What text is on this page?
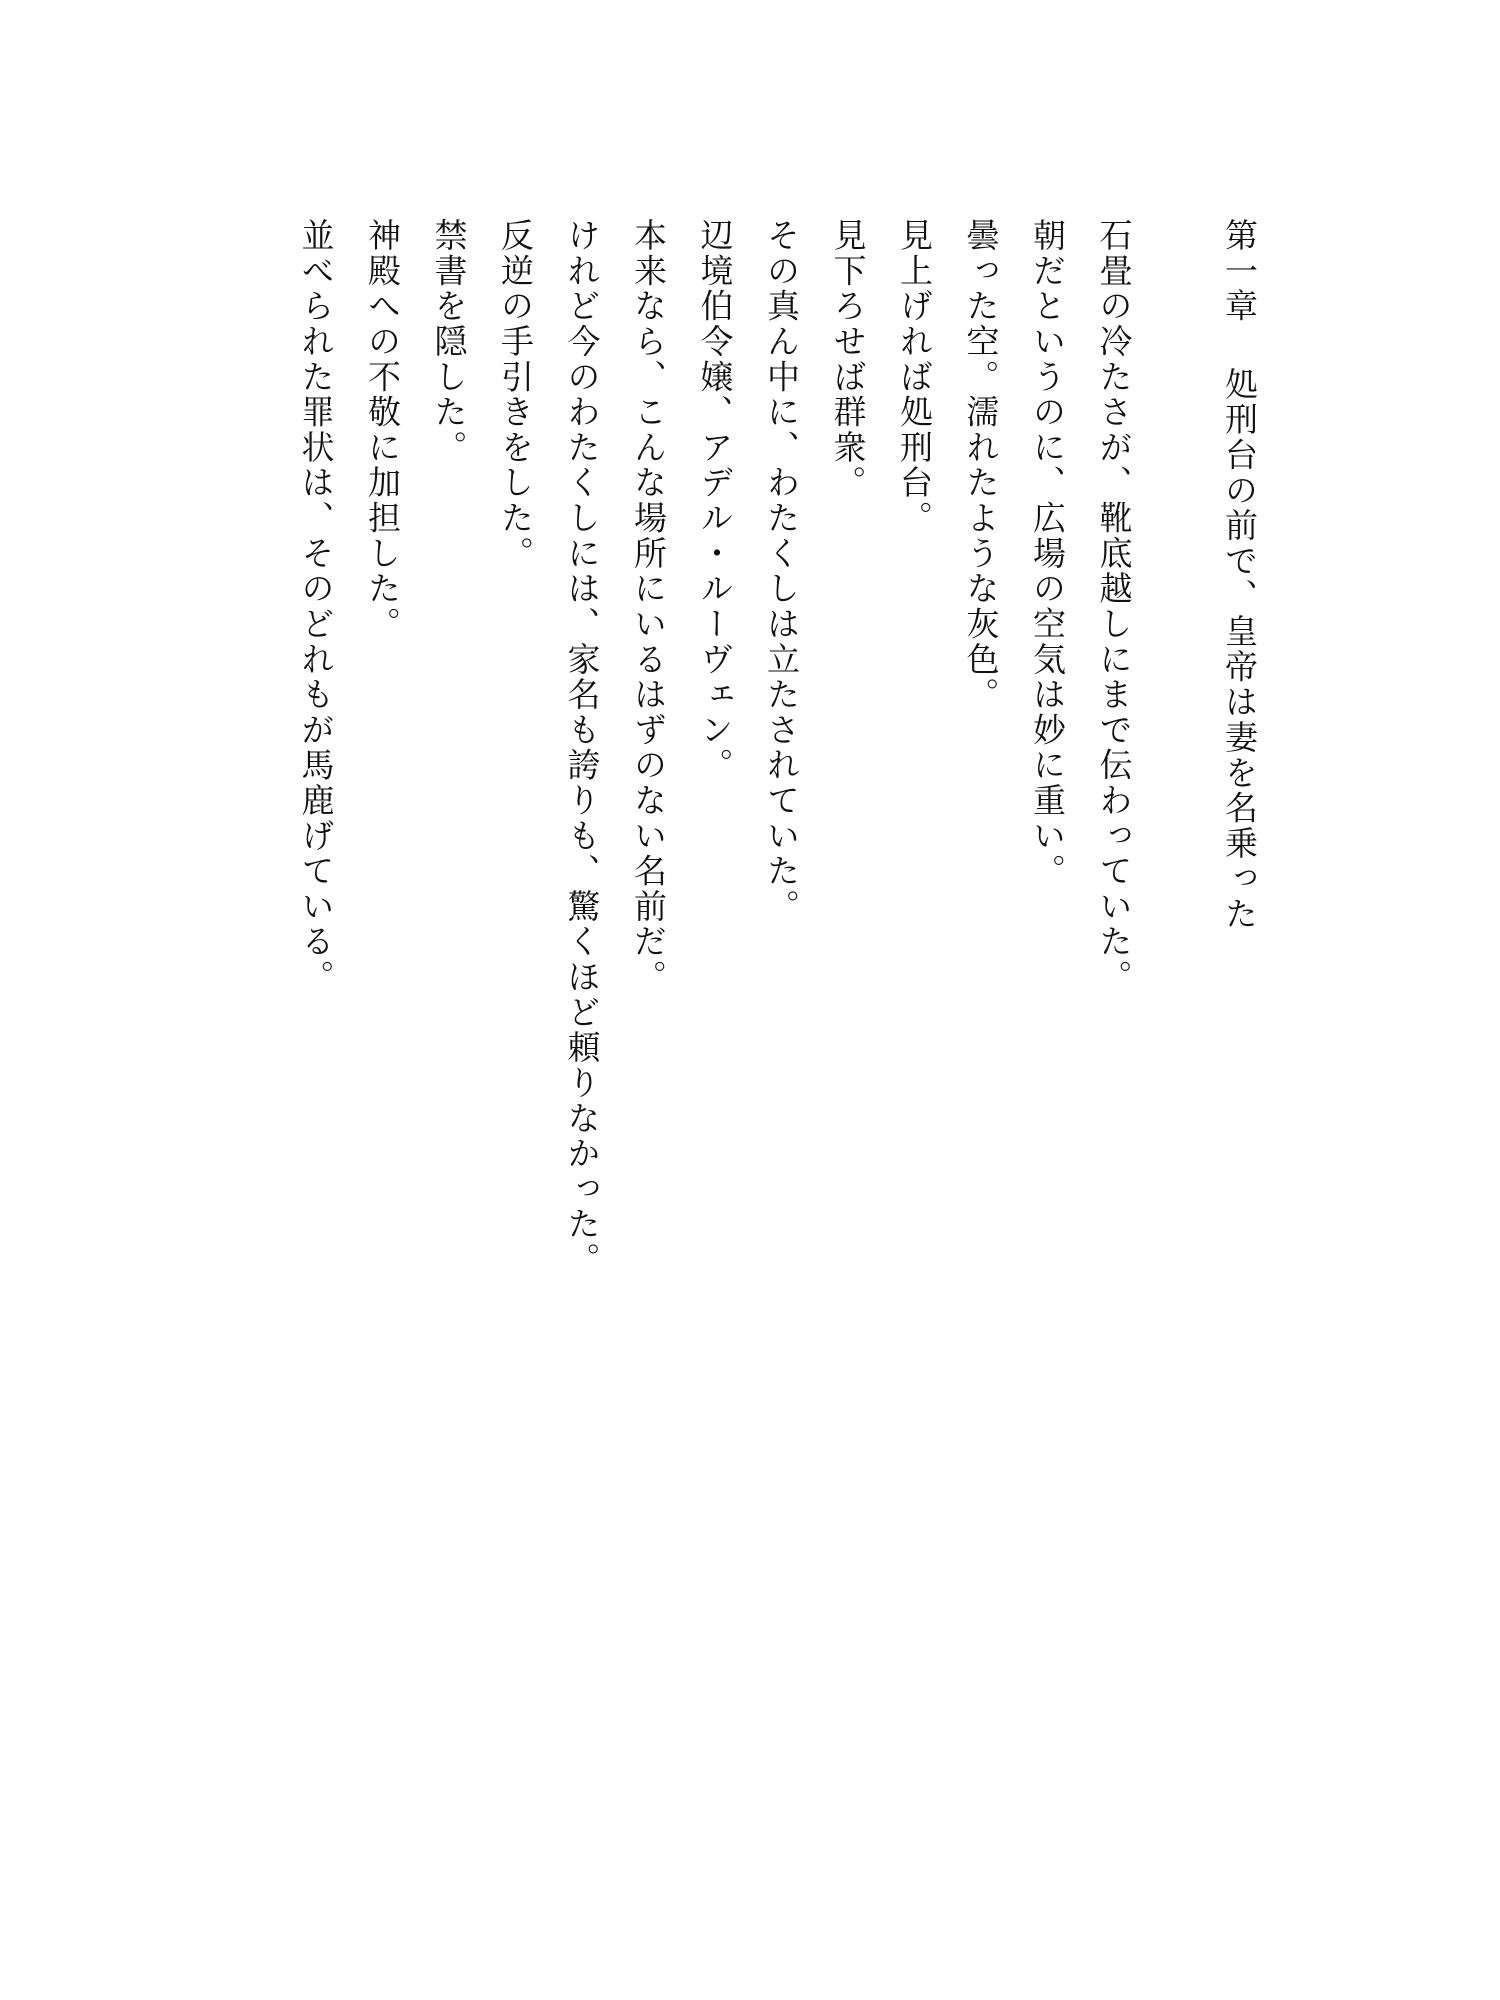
第一章処刑台の前で、皇帝は妻を名乗った

石畳の冷たさが、靴底越しにまで伝わっていた。

朝だというのに、広場の空気は妙に重い。

曇った空。濡れたような灰色。

見上げれば処刑台。

見下ろせば群衆。

その真ん中に、わたくしは立たされていた。

辺境伯令嬢、アデル・ルーヴェン。

本来なら、こんな場所にいるはずのない名前だ。

けれど今のわたくしには、家名も誇りも、驚くほど頼りなかった。

反逆の手引きをした。

禁書を隠した。

神殿への不敬に加担した。

並べられた罪状は、そのどれもが馬鹿げている。
